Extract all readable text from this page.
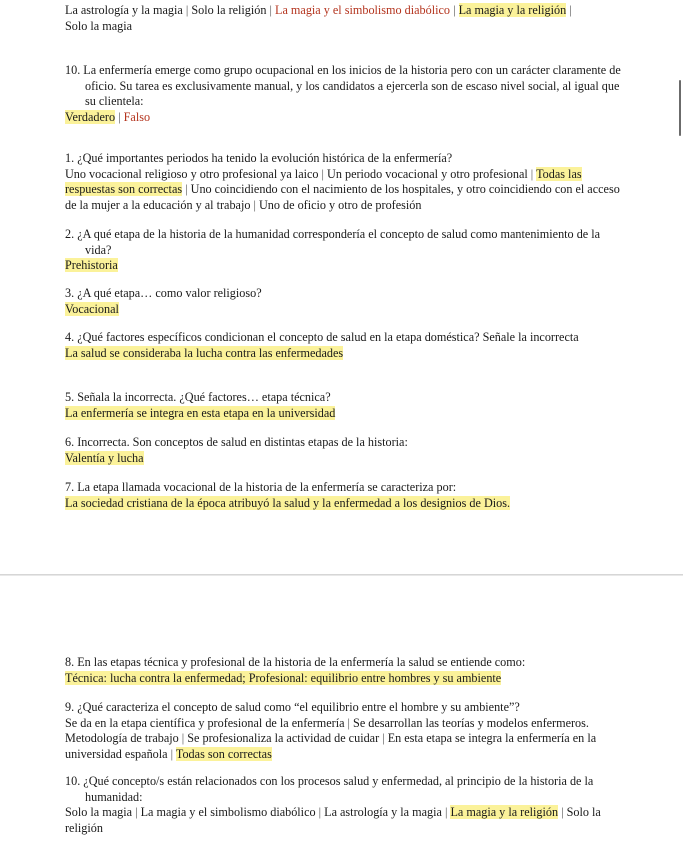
La astrología y la magia | Solo la religión | La magia y el simbolismo diabólico | La magia y la religión |
Solo la magia

10. La enfermería emerge como grupo ocupacional en los inicios de la historia pero con un carácter claramente de oficio. Su tarea es exclusivamente manual, y los candidatos a ejercerla son de escaso nivel social, al igual que su clientela:
Verdadero | Falso
1. ¿Qué importantes periodos ha tenido la evolución histórica de la enfermería?
Uno vocacional religioso y otro profesional ya laico | Un periodo vocacional y otro profesional | Todas las respuestas son correctas | Uno coincidiendo con el nacimiento de los hospitales, y otro coincidiendo con el acceso de la mujer a la educación y al trabajo | Uno de oficio y otro de profesión
2. ¿A qué etapa de la historia de la humanidad correspondería el concepto de salud como mantenimiento de la vida?
Prehistoria
3. ¿A qué etapa… como valor religioso?
Vocacional
4. ¿Qué factores específicos condicionan el concepto de salud en la etapa doméstica? Señale la incorrecta
La salud se consideraba la lucha contra las enfermedades
5. Señala la incorrecta. ¿Qué factores… etapa técnica?
La enfermería se integra en esta etapa en la universidad
6. Incorrecta. Son conceptos de salud en distintas etapas de la historia:
Valentía y lucha
7. La etapa llamada vocacional de la historia de la enfermería se caracteriza por:
La sociedad cristiana de la época atribuyó la salud y la enfermedad a los designios de Dios.
8. En las etapas técnica y profesional de la historia de la enfermería la salud se entiende como:
Técnica: lucha contra la enfermedad; Profesional: equilibrio entre hombres y su ambiente
9. ¿Qué caracteriza el concepto de salud como “el equilibrio entre el hombre y su ambiente”?
Se da en la etapa científica y profesional de la enfermería | Se desarrollan las teorías y modelos enfermeros. Metodología de trabajo | Se profesionaliza la actividad de cuidar | En esta etapa se integra la enfermería en la universidad española | Todas son correctas
10. ¿Qué concepto/s están relacionados con los procesos salud y enfermedad, al principio de la historia de la humanidad:
Solo la magia | La magia y el simbolismo diabólico | La astrología y la magia | La magia y la religión | Solo la religión
